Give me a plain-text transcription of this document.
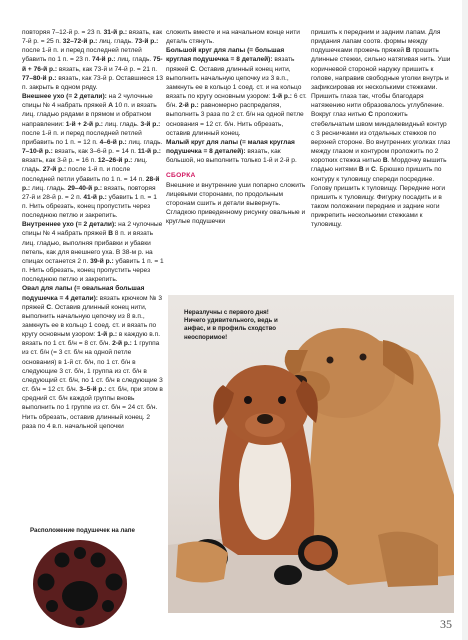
повторяя 7–12-й р. = 23 п. 31-й р.: вязать, как 7-й р. = 25 п. 32–72-й р.: лиц. гладь. 73-й р.: после 1-й п. и перед последней петлей убавить по 1 п. = 23 п. 74-й р.: лиц. гладь. 75-й + 76-й р.: вязать, как 73-й и 74-й р. = 21 п. 77–80-й р.: вязать, как 73-й р. Оставшиеся 13 п. закрыть в одном ряду.

Внешнее ухо (= 2 детали): на 2 чулочные спицы № 4 набрать пряжей A 10 п. и вязать лиц. гладью рядами в прямом и обратном направлении: 1-й + 2-й р.: лиц. гладь. 3-й р.: после 1-й п. и перед последней петлей прибавить по 1 п. = 12 п. 4–6-й р.: лиц. гладь. 7–10-й р.: вязать, как 3–6-й р. = 14 п. 11-й р.: вязать, как 3-й р. = 16 п. 12–26-й р.: лиц. гладь. 27-й р.: после 1-й п. и после последней петли убавить по 1 п. = 14 п. 28-й р.: лиц. гладь. 29–40-й р.: вязать, повторяя 27-й и 28-й р. = 2 п. 41-й р.: убавить 1 п. = 1 п. Нить обрезать, конец пропустить через последнюю петлю и закрепить.

Внутреннее ухо (= 2 детали): на 2 чулочные спицы № 4 набрать пряжей B 8 п. и вязать лиц. гладью, выполняя прибавки и убавки петель, как для внешнего уха. В 38-м р. на спицах останется 2 п. 39-й р.: убавить 1 п. = 1 п. Нить обрезать, конец пропустить через последнюю петлю и закрепить.

Овал для лапы (= овальная большая подушечка = 4 детали): вязать крючком № 3 пряжей C. Оставив длинный конец нити, выполнить начальную цепочку из 8 в.п., замкнуть ее в кольцо 1 соед. ст. и вязать по кругу основным узором: 1-й р.: в каждую в.п. вязать по 1 ст. б/н = 8 ст. б/н. 2-й р.: 1 группа из ст. б/н (= 3 ст. б/н на одной петле основания) в 1-й ст. б/н, по 1 ст. б/н в следующие 3 ст. б/н, 1 группа из ст. б/н в следующий ст. б/н, по 1 ст. б/н в следующие 3 ст. б/н = 12 ст. б/н. 3–5-й р.: ст. б/н, при этом в средний ст. б/н каждой группы вновь выполнить по 1 группе из ст. б/н = 24 ст. б/н. Нить обрезать, оставив длинный конец. 2 раза по 4 в.п. начальной цепочки

сложить вместе и на начальном конце нити деталь стянуть.

Большой круг для лапы (= большая круглая подушечка = 8 деталей): вязать пряжей C. Оставив длинный конец нити, выполнить начальную цепочку из 3 в.п., замкнуть ее в кольцо 1 соед. ст. и на кольцо вязать по кругу основным узором: 1-й р.: 6 ст. б/н. 2-й р.: равномерно распределяя, выполнить 3 раза по 2 ст. б/н на одной петле основания = 12 ст. б/н. Нить обрезать, оставив длинный конец.

Малый круг для лапы (= малая круглая подушечка = 8 деталей): вязать, как большой, но выполнить только 1-й и 2-й р.

СБОРКА

Внешние и внутренние уши попарно сложить лицевыми сторонами, по продольным сторонам сшить и детали вывернуть. Сгладкою приведенному рисунку овальные и круглые подушечки

пришить к передним и задним лапам. Для придания лапам соотв. формы между подушечками прожечь пряжей B прошить длинные стежки, сильно натягивая нить. Уши коричневой стороной наружу пришить к голове, направив свободные уголки внутрь и зафиксировав их несколькими стежками. Пришить глаза так, чтобы благодаря натяжению нити образовалось углубление. Вокруг глаз нитью C проложить стебельчатым швом миндалевидный контур с 3 ресничками из отдельных стежков по верхней стороне. Во внутренних уголках глаз между глазом и контуром проложить по 2 коротких стежка нитью B. Мордочку вышить гладью нитями B и C. Брюшко пришить по контуру к туловищу спереди посредине. Голову пришить к туловищу. Передние ноги пришить к туловищу. Фигурку посадить и в таком положении передние и задние ноги прикрепить несколькими стежками к туловищу.

Расположение подушечек на лапе
Неразлучны с первого дня! Ничего удивительного, ведь и анфас, и в профиль сходство неоспоримое!
35
